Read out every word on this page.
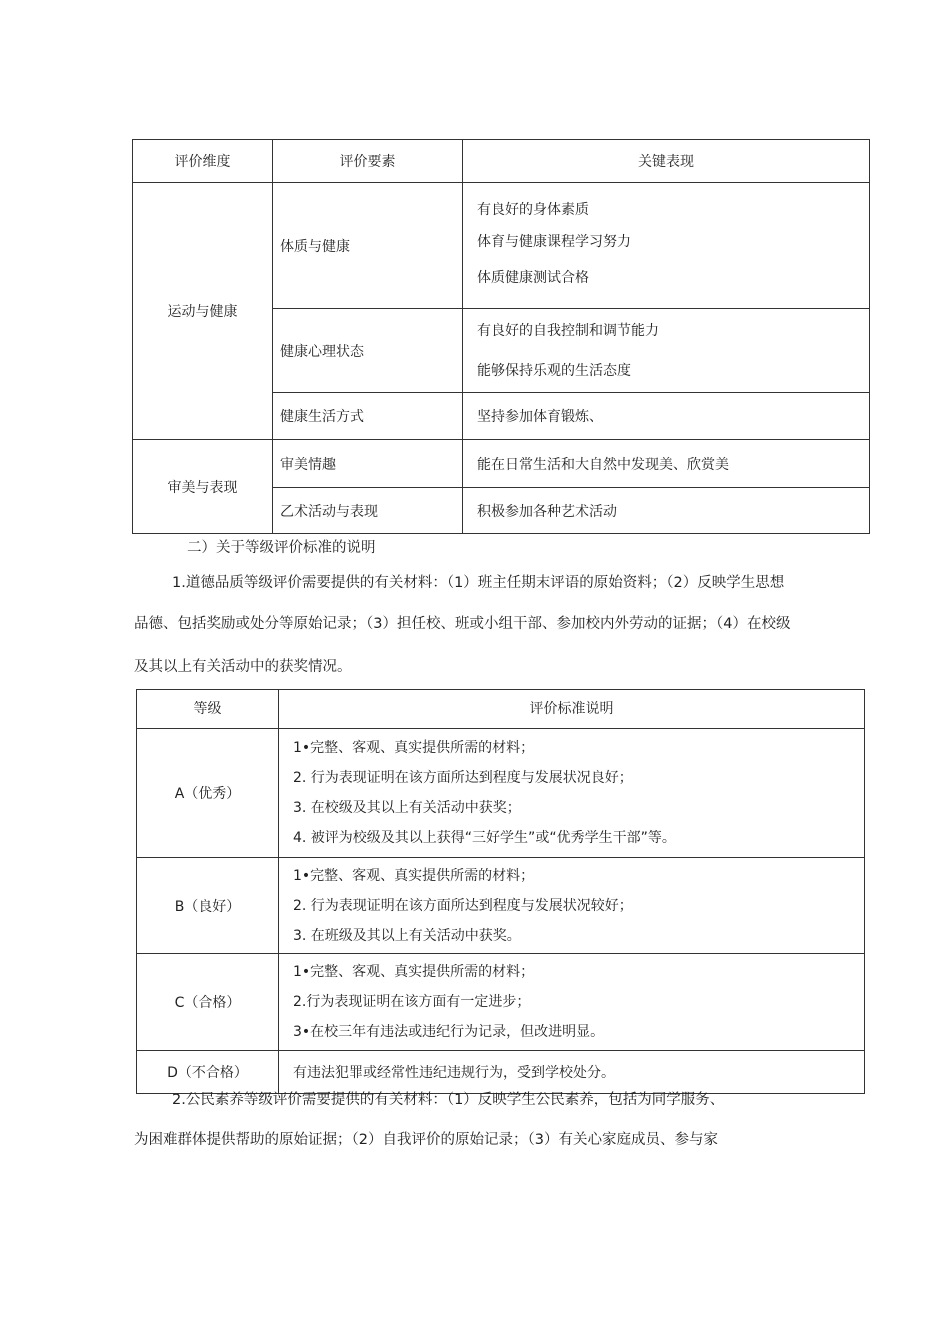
评价维度	评价要素	关键表现
运动与健康	体质与健康	有良好的身体素质
体育与健康课程学习努力
体质健康测试合格

	健康心理状态	有良好的自我控制和调节能力
能够保持乐观的生活态度

	健康生活方式	坚持参加体育锻炼、
审美与表现	审美情趣	能在日常生活和大自然中发现美、欣赏美
	乙术活动与表现	积极参加各种艺术活动
二）关于等级评价标准的说明
1.道德品质等级评价需要提供的有关材料：（1）班主任期末评语的原始资料；（2）反映学生思想
品德、包括奖励或处分等原始记录；（3）担任校、班或小组干部、参加校内外劳动的证据；（4）在校级
及其以上有关活动中的获奖情况。
等级	评价标准说明
A（优秀）	1•完整、客观、真实提供所需的材料；
2. 行为表现证明在该方面所达到程度与发展状况良好；
3. 在校级及其以上有关活动中获奖；
4. 被评为校级及其以上获得“三好学生”或“优秀学生干部”等。

B（良好）	1•完整、客观、真实提供所需的材料；
2. 行为表现证明在该方面所达到程度与发展状况较好；
3. 在班级及其以上有关活动中获奖。

C（合格）	1•完整、客观、真实提供所需的材料；
2.行为表现证明在该方面有一定进步；
3•在校三年有违法或违纪行为记录，但改进明显。

D（不合格）	有违法犯罪或经常性违纪违规行为，受到学校处分。
2.公民素养等级评价需要提供的有关材料：（1）反映学生公民素养，包括为同学服务、
为困难群体提供帮助的原始证据；（2）自我评价的原始记录；（3）有关心家庭成员、参与家
